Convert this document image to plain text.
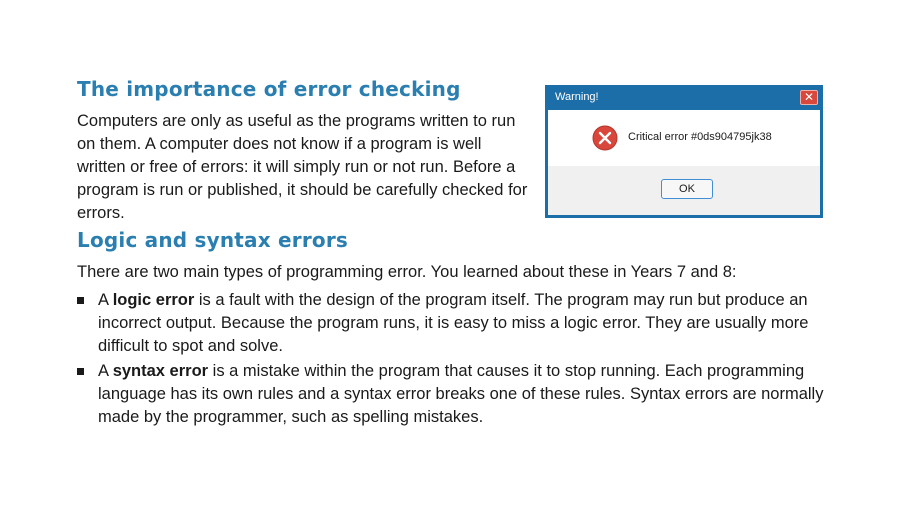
The importance of error checking

Computers are only as useful as the programs written to run on them. A computer does not know if a program is well written or free of errors: it will simply run or not run. Before a program is run or published, it should be carefully checked for errors.

Warning!	✕
Critical error #0ds904795jk38
OK
Logic and syntax errors

There are two main types of programming error. You learned about these in Years 7 and 8:

A logic error is a fault with the design of the program itself. The program may run but produce an incorrect output. Because the program runs, it is easy to miss a logic error. They are usually more difficult to spot and solve.
A syntax error is a mistake within the program that causes it to stop running. Each programming language has its own rules and a syntax error breaks one of these rules. Syntax errors are normally made by the programmer, such as spelling mistakes.
